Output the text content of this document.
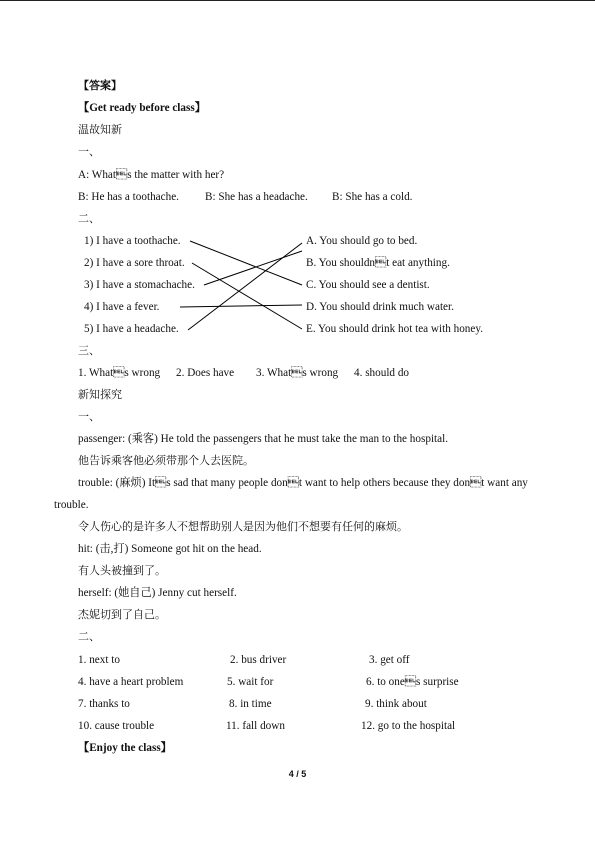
【答案】
【Get ready before class】
温故知新
一、
A: Whats the matter with her?
B: He has a toothache. B: She has a headache. B: She has a cold.
二、
1) I have a toothache.
2) I have a sore throat.
3) I have a stomachache.
4) I have a fever.
5) I have a headache.
A. You should go to bed.
B. You shouldnt eat anything.
C. You should see a dentist.
D. You should drink much water.
E. You should drink hot tea with honey.
三、
1. Whats wrong 2. Does have 3. Whats wrong 4. should do
新知探究
一、
passenger: (乘客) He told the passengers that he must take the man to the hospital.
他告诉乘客他必须带那个人去医院。
trouble: (麻烦) Its sad that many people dont want to help others because they dont want any
trouble.
令人伤心的是许多人不想帮助别人是因为他们不想要有任何的麻烦。
hit: (击,打) Someone got hit on the head.
有人头被撞到了。
herself: (她自己) Jenny cut herself.
杰妮切到了自己。
二、
1. next to	2. bus driver	3. get off
4. have a heart problem	5. wait for	6. to ones surprise
7. thanks to	8. in time	9. think about
10. cause trouble	11. fall down	12. go to the hospital
【Enjoy the class】
4 / 5
